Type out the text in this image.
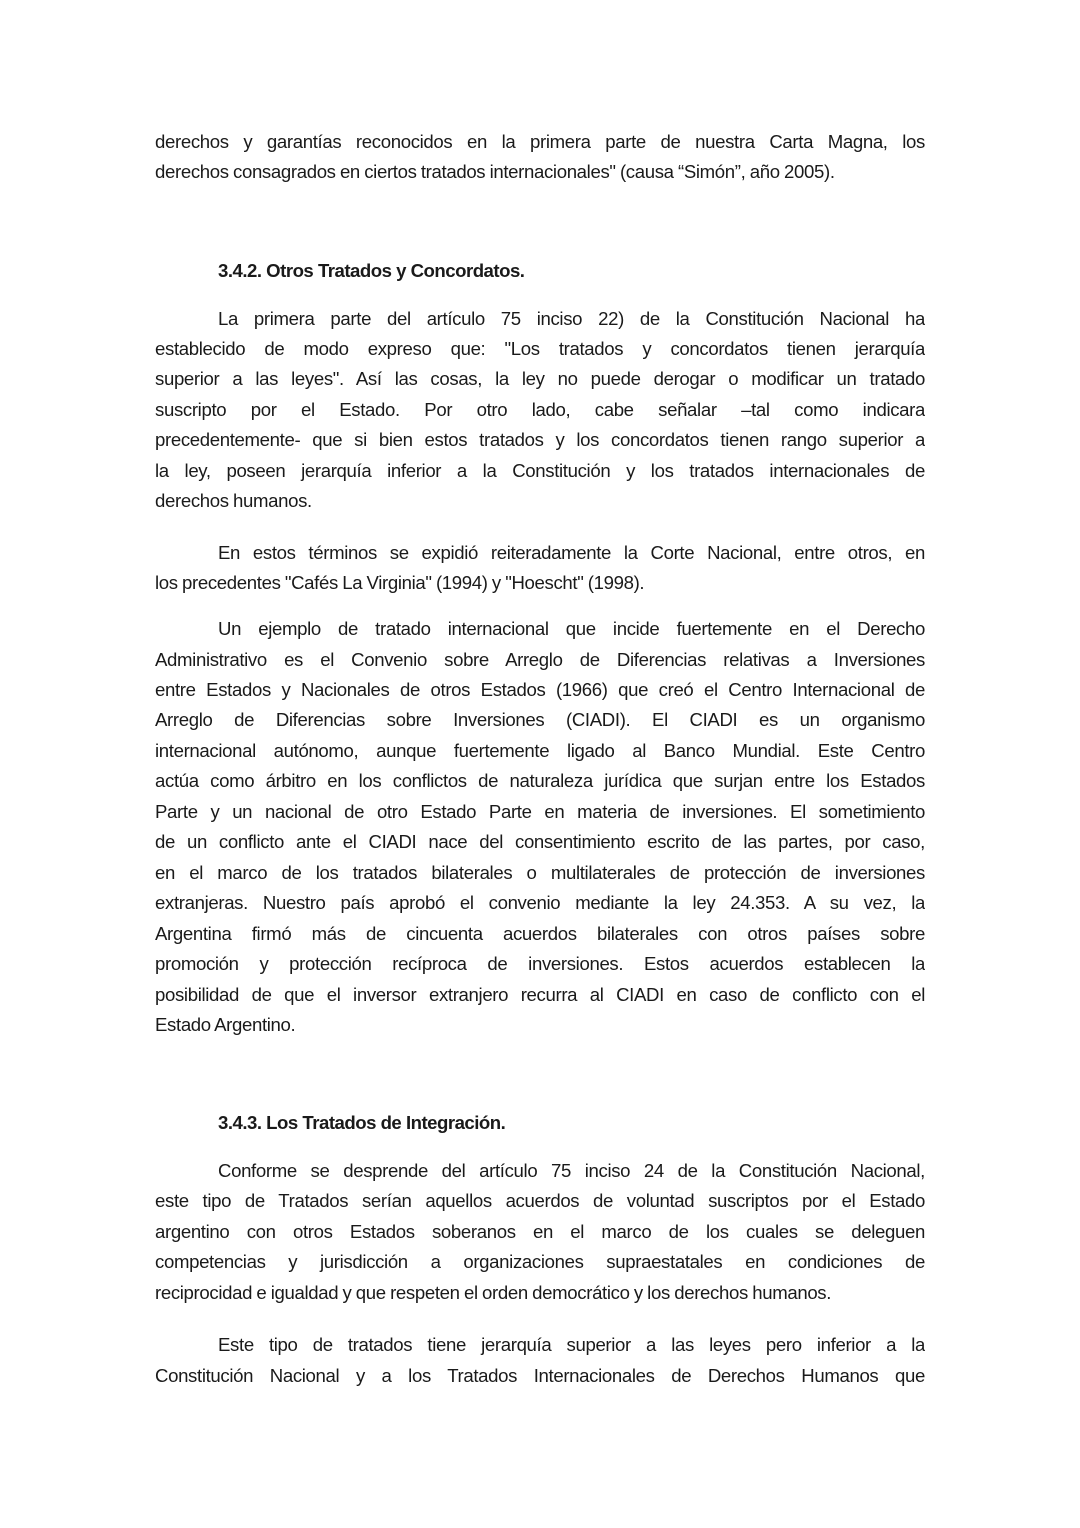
derechos y garantías reconocidos en la primera parte de nuestra Carta Magna, los
derechos consagrados en ciertos tratados internacionales" (causa “Simón”, año 2005).
3.4.2. Otros Tratados y Concordatos.
La primera parte del artículo 75 inciso 22) de la Constitución Nacional ha
establecido de modo expreso que: "Los tratados y concordatos tienen jerarquía
superior a las leyes". Así las cosas, la ley no puede derogar o modificar un tratado
suscripto por el Estado. Por otro lado, cabe señalar –tal como indicara
precedentemente- que si bien estos tratados y los concordatos tienen rango superior a
la ley, poseen jerarquía inferior a la Constitución y los tratados internacionales de
derechos humanos.
En estos términos se expidió reiteradamente la Corte Nacional, entre otros, en
los precedentes "Cafés La Virginia" (1994) y "Hoescht" (1998).
Un ejemplo de tratado internacional que incide fuertemente en el Derecho
Administrativo es el Convenio sobre Arreglo de Diferencias relativas a Inversiones
entre Estados y Nacionales de otros Estados (1966) que creó el Centro Internacional de
Arreglo de Diferencias sobre Inversiones (CIADI). El CIADI es un organismo
internacional autónomo, aunque fuertemente ligado al Banco Mundial. Este Centro
actúa como árbitro en los conflictos de naturaleza jurídica que surjan entre los Estados
Parte y un nacional de otro Estado Parte en materia de inversiones. El sometimiento
de un conflicto ante el CIADI nace del consentimiento escrito de las partes, por caso,
en el marco de los tratados bilaterales o multilaterales de protección de inversiones
extranjeras. Nuestro país aprobó el convenio mediante la ley 24.353. A su vez, la
Argentina firmó más de cincuenta acuerdos bilaterales con otros países sobre
promoción y protección recíproca de inversiones. Estos acuerdos establecen la
posibilidad de que el inversor extranjero recurra al CIADI en caso de conflicto con el
Estado Argentino.
3.4.3. Los Tratados de Integración.
Conforme se desprende del artículo 75 inciso 24 de la Constitución Nacional,
este tipo de Tratados serían aquellos acuerdos de voluntad suscriptos por el Estado
argentino con otros Estados soberanos en el marco de los cuales se deleguen
competencias y jurisdicción a organizaciones supraestatales en condiciones de
reciprocidad e igualdad y que respeten el orden democrático y los derechos humanos.
Este tipo de tratados tiene jerarquía superior a las leyes pero inferior a la
Constitución Nacional y a los Tratados Internacionales de Derechos Humanos que
